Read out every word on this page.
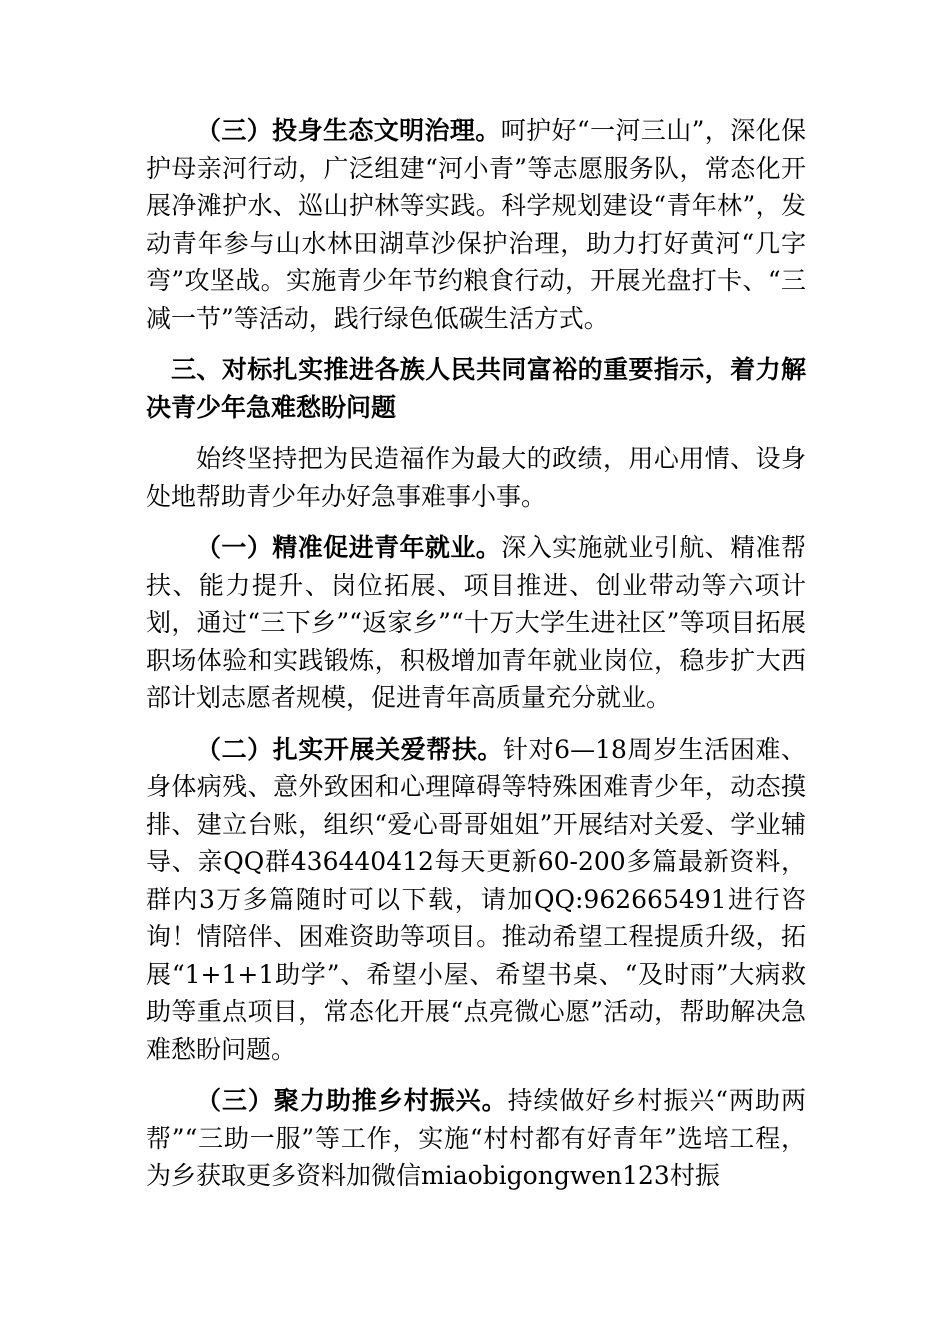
（三）投身生态文明治理。呵护好“一河三山”，深化保护母亲河行动，广泛组建“河小青”等志愿服务队，常态化开展净滩护水、巡山护林等实践。科学规划建设“青年林”，发动青年参与山水林田湖草沙保护治理，助力打好黄河“几字弯”攻坚战。实施青少年节约粮食行动，开展光盘打卡、“三减一节”等活动，践行绿色低碳生活方式。

三、对标扎实推进各族人民共同富裕的重要指示，着力解决青少年急难愁盼问题

始终坚持把为民造福作为最大的政绩，用心用情、设身处地帮助青少年办好急事难事小事。

（一）精准促进青年就业。深入实施就业引航、精准帮扶、能力提升、岗位拓展、项目推进、创业带动等六项计划，通过“三下乡”“返家乡”“十万大学生进社区”等项目拓展职场体验和实践锻炼，积极增加青年就业岗位，稳步扩大西部计划志愿者规模，促进青年高质量充分就业。

（二）扎实开展关爱帮扶。针对6—18周岁生活困难、身体病残、意外致困和心理障碍等特殊困难青少年，动态摸排、建立台账，组织“爱心哥哥姐姐”开展结对关爱、学业辅导、亲QQ群436440412每天更新60-200多篇最新资料，群内3万多篇随时可以下载，请加QQ:962665491进行咨询！情陪伴、困难资助等项目。推动希望工程提质升级，拓展“1+1+1助学”、希望小屋、希望书桌、“及时雨”大病救助等重点项目，常态化开展“点亮微心愿”活动，帮助解决急难愁盼问题。

（三）聚力助推乡村振兴。持续做好乡村振兴“两助两帮”“三助一服”等工作，实施“村村都有好青年”选培工程，为乡获取更多资料加微信miaobigongwen123村振
